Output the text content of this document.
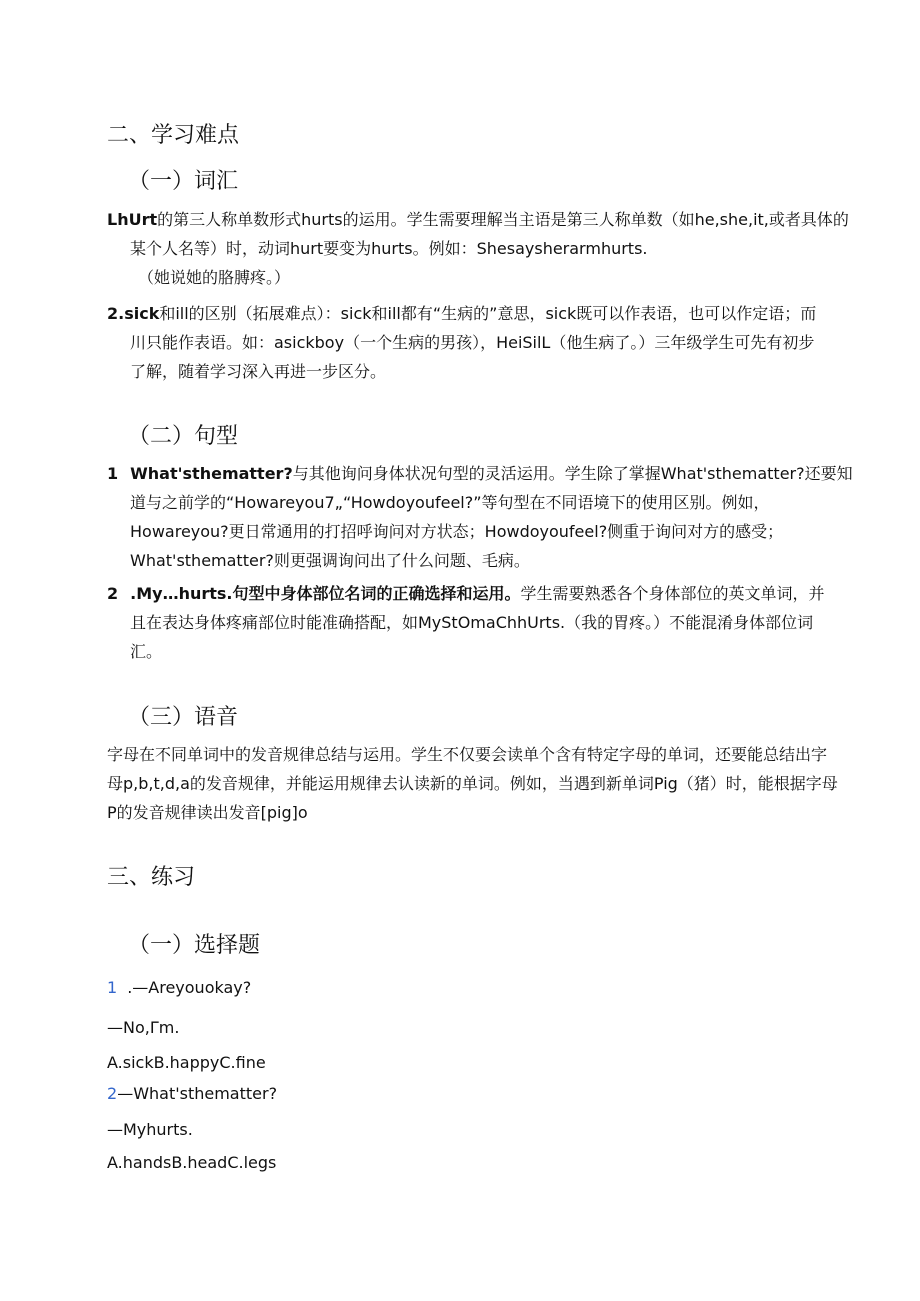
二、学习难点
（一）词汇
LhUrt的第三人称单数形式hurts的运用。学生需要理解当主语是第三人称单数（如he,she,it,或者具体的
某个人名等）时，动词hurt要变为hurts。例如：Shesaysherarmhurts.
（她说她的胳膊疼。）
2.sick和ill的区别（拓展难点）：sick和ill都有“生病的”意思，sick既可以作表语，也可以作定语；而
川只能作表语。如：asickboy（一个生病的男孩），HeiSilL（他生病了。）三年级学生可先有初步
了解，随着学习深入再进一步区分。
（二）句型
1 What'sthematter?与其他询问身体状况句型的灵活运用。学生除了掌握What'sthematter?还要知
道与之前学的“Howareyou7„“Howdoyoufeel?”等句型在不同语境下的使用区别。例如，
Howareyou?更日常通用的打招呼询问对方状态；Howdoyoufeel?侧重于询问对方的感受；
What'sthematter?则更强调询问出了什么问题、毛病。
2 .My…hurts.句型中身体部位名词的正确选择和运用。学生需要熟悉各个身体部位的英文单词，并
且在表达身体疼痛部位时能准确搭配，如MyStOmaChhUrts.（我的胃疼。）不能混淆身体部位词
汇。
（三）语音
字母在不同单词中的发音规律总结与运用。学生不仅要会读单个含有特定字母的单词，还要能总结出字
母p,b,t,d,a的发音规律，并能运用规律去认读新的单词。例如，当遇到新单词Pig（猪）时，能根据字母
P的发音规律读出发音[pig]o
三、练习
（一）选择题
1 .—Areyouokay?
—No,Γm.
A.sickB.happyC.fine
2—What'sthematter?
—Myhurts.
A.handsB.headC.legs
